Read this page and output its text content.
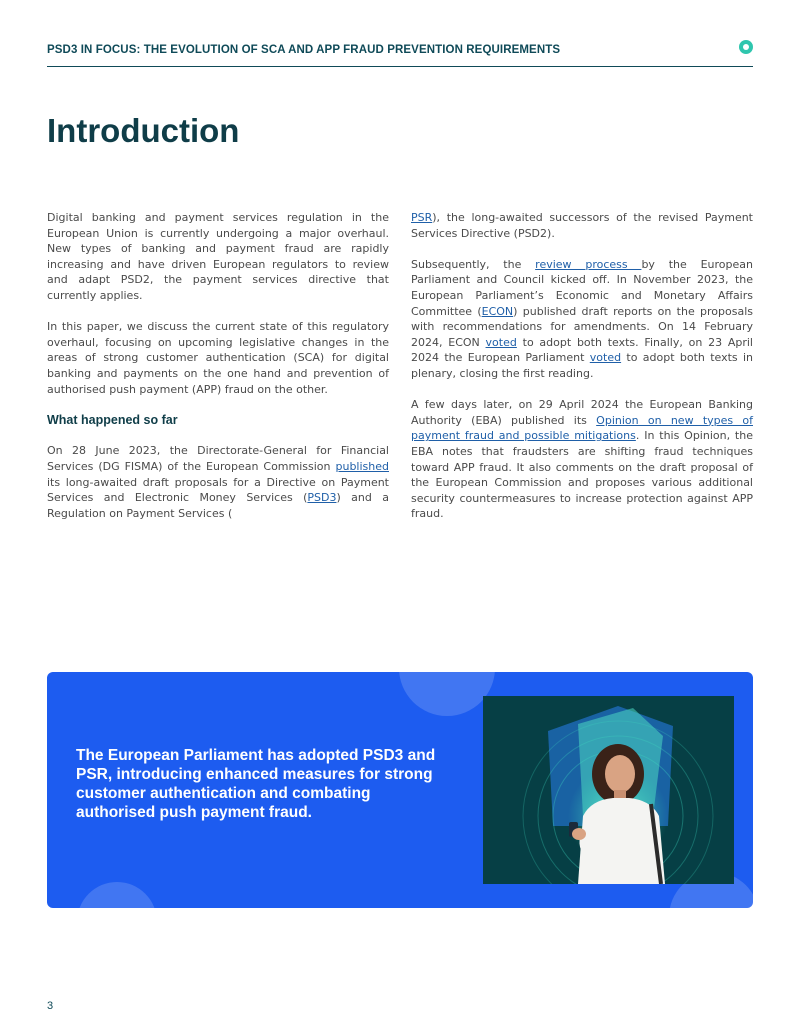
PSD3 IN FOCUS: THE EVOLUTION OF SCA AND APP FRAUD PREVENTION REQUIREMENTS
Introduction

Digital banking and payment services regulation in the European Union is currently undergoing a major overhaul. New types of banking and payment fraud are rapidly increasing and have driven European regulators to review and adapt PSD2, the payment services directive that currently applies.

In this paper, we discuss the current state of this regulatory overhaul, focusing on upcoming legislative changes in the areas of strong customer authentication (SCA) for digital banking and payments on the one hand and prevention of authorised push payment (APP) fraud on the other.

What happened so far

On 28 June 2023, the Directorate-General for Financial Services (DG FISMA) of the European Commission published its long-awaited draft proposals for a Directive on Payment Services and Electronic Money Services (PSD3) and a Regulation on Payment Services (

PSR), the long-awaited successors of the revised Payment Services Directive (PSD2).

Subsequently, the review process by the European Parliament and Council kicked off. In November 2023, the European Parliament’s Economic and Monetary Affairs Committee (ECON) published draft reports on the proposals with recommendations for amendments. On 14 February 2024, ECON voted to adopt both texts. Finally, on 23 April 2024 the European Parliament voted to adopt both texts in plenary, closing the first reading.

A few days later, on 29 April 2024 the European Banking Authority (EBA) published its Opinion on new types of payment fraud and possible mitigations. In this Opinion, the EBA notes that fraudsters are shifting fraud techniques toward APP fraud. It also comments on the draft proposal of the European Commission and proposes various additional security countermeasures to increase protection against APP fraud.

The European Parliament has adopted PSD3 and PSR, introducing enhanced measures for strong customer authentication and combating authorised push payment fraud.

3
